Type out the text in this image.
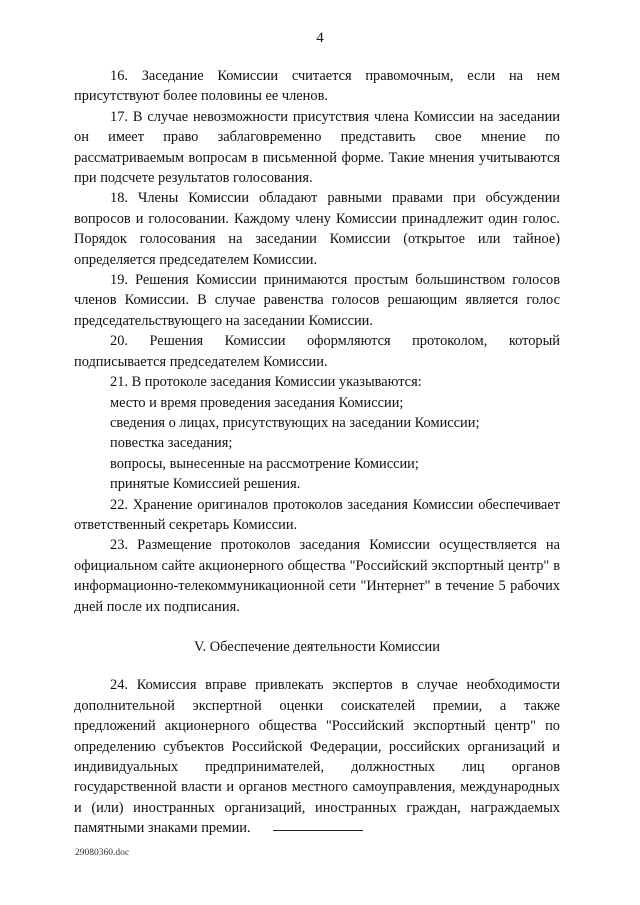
4

16. Заседание Комиссии считается правомочным, если на нем присутствуют более половины ее членов.

17. В случае невозможности присутствия члена Комиссии на заседании он имеет право заблаговременно представить свое мнение по рассматриваемым вопросам в письменной форме. Такие мнения учитываются при подсчете результатов голосования.

18. Члены Комиссии обладают равными правами при обсуждении вопросов и голосовании. Каждому члену Комиссии принадлежит один голос. Порядок голосования на заседании Комиссии (открытое или тайное) определяется председателем Комиссии.

19. Решения Комиссии принимаются простым большинством голосов членов Комиссии. В случае равенства голосов решающим является голос председательствующего на заседании Комиссии.

20. Решения Комиссии оформляются протоколом, который подписывается председателем Комиссии.

21. В протоколе заседания Комиссии указываются:

место и время проведения заседания Комиссии;

сведения о лицах, присутствующих на заседании Комиссии;

повестка заседания;

вопросы, вынесенные на рассмотрение Комиссии;

принятые Комиссией решения.

22. Хранение оригиналов протоколов заседания Комиссии обеспечивает ответственный секретарь Комиссии.

23. Размещение протоколов заседания Комиссии осуществляется на официальном сайте акционерного общества "Российский экспортный центр" в информационно-телекоммуникационной сети "Интернет" в течение 5 рабочих дней после их подписания.

V. Обеспечение деятельности Комиссии

24. Комиссия вправе привлекать экспертов в случае необходимости дополнительной экспертной оценки соискателей премии, а также предложений акционерного общества "Российский экспортный центр" по определению субъектов Российской Федерации, российских организаций и индивидуальных предпринимателей, должностных лиц органов государственной власти и органов местного самоуправления, международных и (или) иностранных организаций, иностранных граждан, награждаемых памятными знаками премии.

29080360.doc
